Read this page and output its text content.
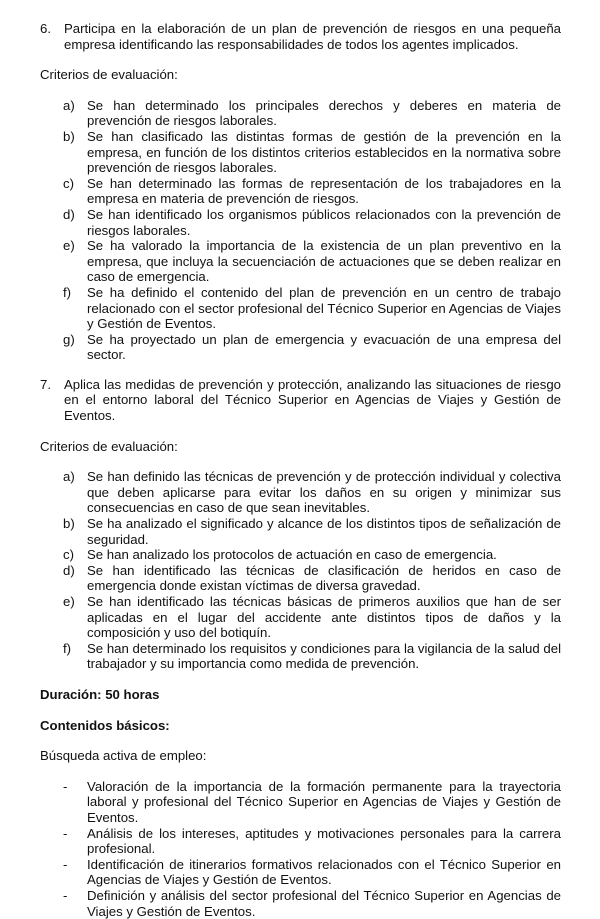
6. Participa en la elaboración de un plan de prevención de riesgos en una pequeña empresa identificando las responsabilidades de todos los agentes implicados.
Criterios de evaluación:
a) Se han determinado los principales derechos y deberes en materia de prevención de riesgos laborales.
b) Se han clasificado las distintas formas de gestión de la prevención en la empresa, en función de los distintos criterios establecidos en la normativa sobre prevención de riesgos laborales.
c) Se han determinado las formas de representación de los trabajadores en la empresa en materia de prevención de riesgos.
d) Se han identificado los organismos públicos relacionados con la prevención de riesgos laborales.
e) Se ha valorado la importancia de la existencia de un plan preventivo en la empresa, que incluya la secuenciación de actuaciones que se deben realizar en caso de emergencia.
f)	Se ha definido el contenido del plan de prevención en un centro de trabajo relacionado con el sector profesional del Técnico Superior en Agencias de Viajes y Gestión de Eventos.
g) Se ha proyectado un plan de emergencia y evacuación de una empresa del sector.
7. Aplica las medidas de prevención y protección, analizando las situaciones de riesgo en el entorno laboral del Técnico Superior en Agencias de Viajes y Gestión de Eventos.
Criterios de evaluación:
a) Se han definido las técnicas de prevención y de protección individual y colectiva que deben aplicarse para evitar los daños en su origen y minimizar sus consecuencias en caso de que sean inevitables.
b) Se ha analizado el significado y alcance de los distintos tipos de señalización de seguridad.
c) Se han analizado los protocolos de actuación en caso de emergencia.
d) Se han identificado las técnicas de clasificación de heridos en caso de emergencia donde existan víctimas de diversa gravedad.
e) Se han identificado las técnicas básicas de primeros auxilios que han de ser aplicadas en el lugar del accidente ante distintos tipos de daños y la composición y uso del botiquín.
f)	Se han determinado los requisitos y condiciones para la vigilancia de la salud del trabajador y su importancia como medida de prevención.
Duración: 50 horas
Contenidos básicos:
Búsqueda activa de empleo:
-	Valoración de la importancia de la formación permanente para la trayectoria laboral y profesional del Técnico Superior en Agencias de Viajes y Gestión de Eventos.
-	Análisis de los intereses, aptitudes y motivaciones personales para la carrera profesional.
-	Identificación de itinerarios formativos relacionados con el Técnico Superior en Agencias de Viajes y Gestión de Eventos.
-	Definición y análisis del sector profesional del Técnico Superior en Agencias de Viajes y Gestión de Eventos.
